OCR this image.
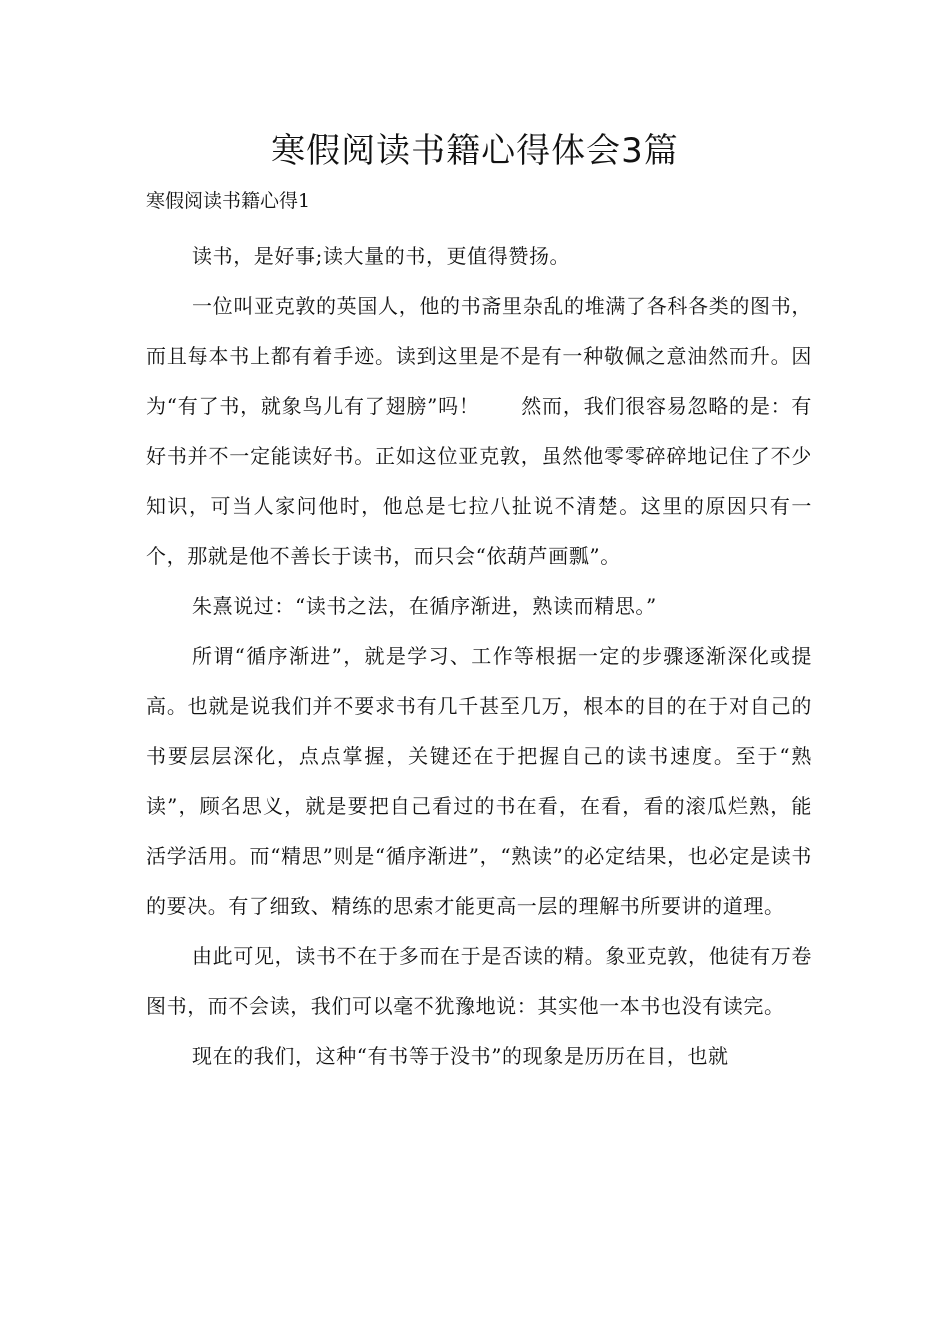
寒假阅读书籍心得体会3篇
寒假阅读书籍心得1

读书，是好事;读大量的书，更值得赞扬。

一位叫亚克敦的英国人，他的书斋里杂乱的堆满了各科各类的图书，而且每本书上都有着手迹。读到这里是不是有一种敬佩之意油然而升。因为“有了书，就象鸟儿有了翅膀”吗！　　然而，我们很容易忽略的是：有好书并不一定能读好书。正如这位亚克敦，虽然他零零碎碎地记住了不少知识，可当人家问他时，他总是七拉八扯说不清楚。这里的原因只有一个，那就是他不善长于读书，而只会“依葫芦画瓢”。

朱熹说过：“读书之法，在循序渐进，熟读而精思。”

所谓“循序渐进”，就是学习、工作等根据一定的步骤逐渐深化或提高。也就是说我们并不要求书有几千甚至几万，根本的目的在于对自己的书要层层深化，点点掌握，关键还在于把握自己的读书速度。至于“熟读”，顾名思义，就是要把自己看过的书在看，在看，看的滚瓜烂熟，能活学活用。而“精思”则是“循序渐进”，“熟读”的必定结果，也必定是读书的要决。有了细致、精练的思索才能更高一层的理解书所要讲的道理。

由此可见，读书不在于多而在于是否读的精。象亚克敦，他徒有万卷图书，而不会读，我们可以毫不犹豫地说：其实他一本书也没有读完。

现在的我们，这种“有书等于没书”的现象是历历在目，也就
